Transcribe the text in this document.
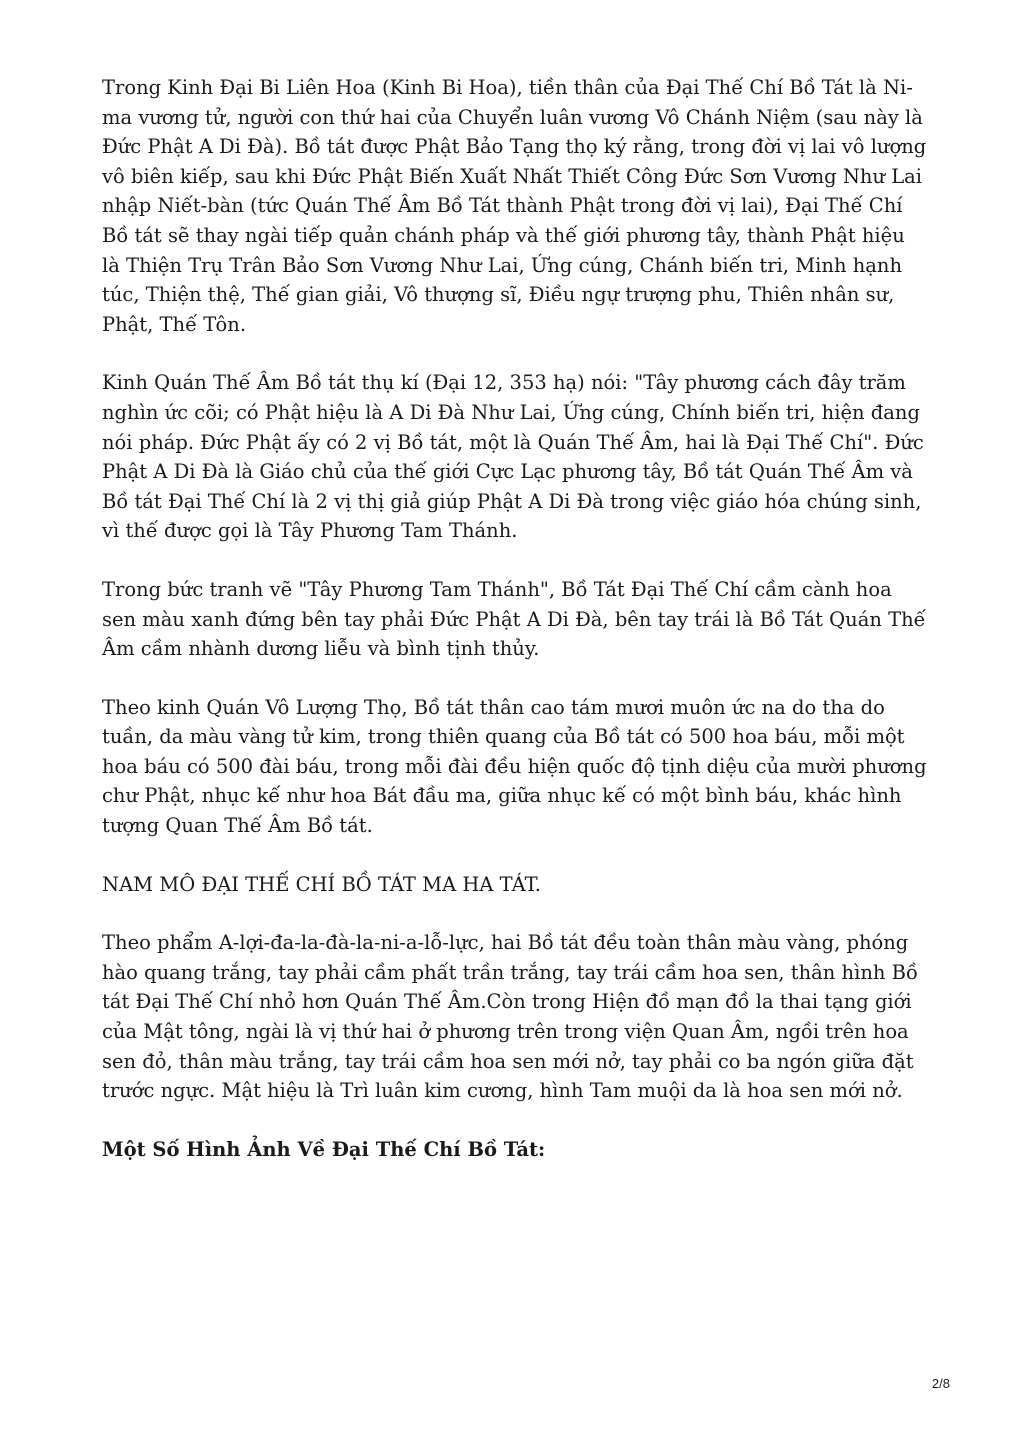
Trong Kinh Đại Bi Liên Hoa (Kinh Bi Hoa), tiền thân của Đại Thế Chí Bồ Tát là Ni-ma vương tử, người con thứ hai của Chuyển luân vương Vô Chánh Niệm (sau này là Đức Phật A Di Đà). Bồ tát được Phật Bảo Tạng thọ ký rằng, trong đời vị lai vô lượng vô biên kiếp, sau khi Đức Phật Biến Xuất Nhất Thiết Công Đức Sơn Vương Như Lai nhập Niết-bàn (tức Quán Thế Âm Bồ Tát thành Phật trong đời vị lai), Đại Thế Chí Bồ tát sẽ thay ngài tiếp quản chánh pháp và thế giới phương tây, thành Phật hiệu là Thiện Trụ Trân Bảo Sơn Vương Như Lai, Ứng cúng, Chánh biến tri, Minh hạnh túc, Thiện thệ, Thế gian giải, Vô thượng sĩ, Điều ngự trượng phu, Thiên nhân sư, Phật, Thế Tôn.

Kinh Quán Thế Âm Bồ tát thụ kí (Đại 12, 353 hạ) nói: "Tây phương cách đây trăm nghìn ức cõi; có Phật hiệu là A Di Đà Như Lai, Ứng cúng, Chính biến tri, hiện đang nói pháp. Đức Phật ấy có 2 vị Bồ tát, một là Quán Thế Âm, hai là Đại Thế Chí". Đức Phật A Di Đà là Giáo chủ của thế giới Cực Lạc phương tây, Bồ tát Quán Thế Âm và Bồ tát Đại Thế Chí là 2 vị thị giả giúp Phật A Di Đà trong việc giáo hóa chúng sinh, vì thế được gọi là Tây Phương Tam Thánh.

Trong bức tranh vẽ "Tây Phương Tam Thánh", Bồ Tát Đại Thế Chí cầm cành hoa sen màu xanh đứng bên tay phải Đức Phật A Di Đà, bên tay trái là Bồ Tát Quán Thế Âm cầm nhành dương liễu và bình tịnh thủy.

Theo kinh Quán Vô Lượng Thọ, Bồ tát thân cao tám mươi muôn ức na do tha do tuần, da màu vàng tử kim, trong thiên quang của Bồ tát có 500 hoa báu, mỗi một hoa báu có 500 đài báu, trong mỗi đài đều hiện quốc độ tịnh diệu của mười phương chư Phật, nhục kế như hoa Bát đầu ma, giữa nhục kế có một bình báu, khác hình tượng Quan Thế Âm Bồ tát.

NAM MÔ ĐẠI THẾ CHÍ BỒ TÁT MA HA TÁT.

Theo phẩm A-lợi-đa-la-đà-la-ni-a-lỗ-lực, hai Bồ tát đều toàn thân màu vàng, phóng hào quang trắng, tay phải cầm phất trần trắng, tay trái cầm hoa sen, thân hình Bồ tát Đại Thế Chí nhỏ hơn Quán Thế Âm.Còn trong Hiện đồ mạn đồ la thai tạng giới của Mật tông, ngài là vị thứ hai ở phương trên trong viện Quan Âm, ngồi trên hoa sen đỏ, thân màu trắng, tay trái cầm hoa sen mới nở, tay phải co ba ngón giữa đặt trước ngực. Mật hiệu là Trì luân kim cương, hình Tam muội da là hoa sen mới nở.

Một Số Hình Ảnh Về Đại Thế Chí Bồ Tát:

2/8
